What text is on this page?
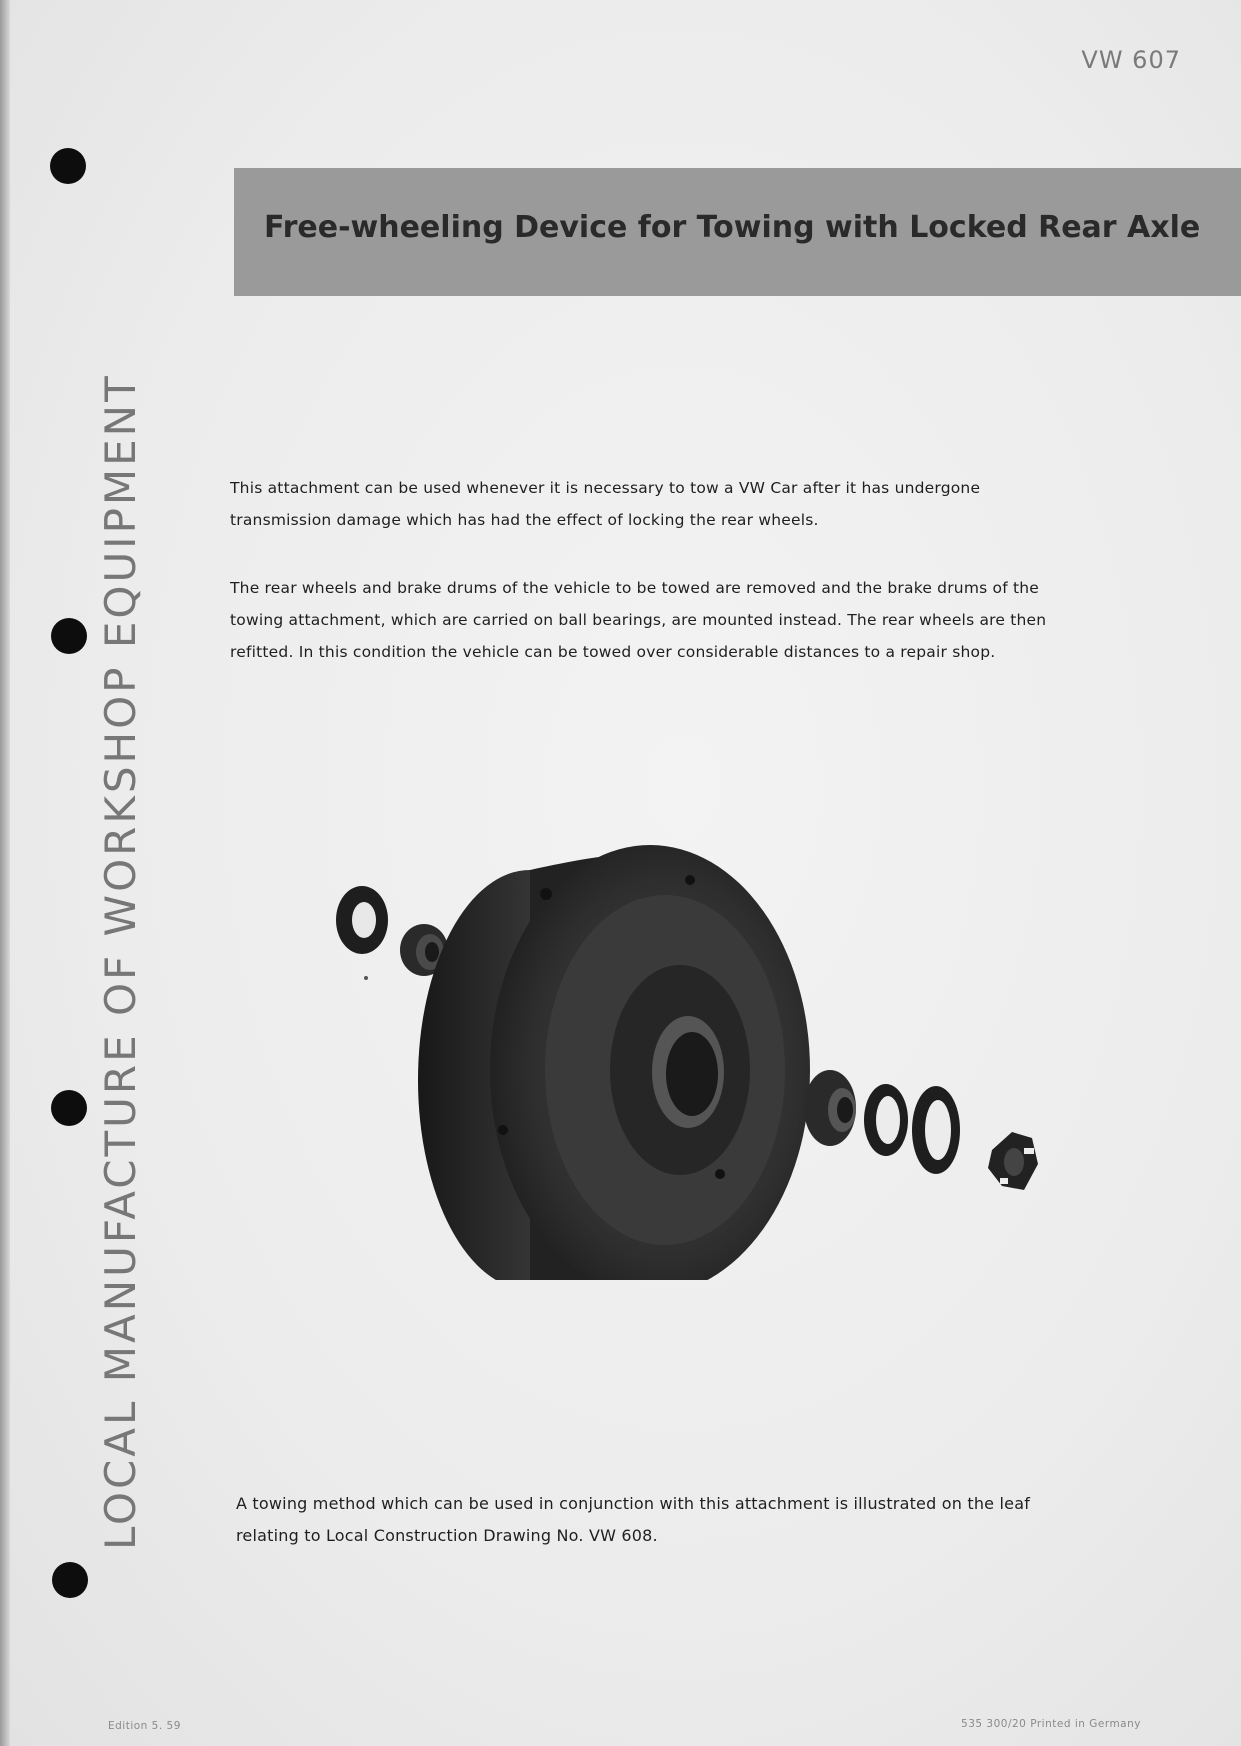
VW 607
LOCAL MANUFACTURE OF WORKSHOP EQUIPMENT
Free-wheeling Device for Towing with Locked Rear Axle
This attachment can be used whenever it is necessary to tow a VW Car after it has undergone transmission damage which has had the effect of locking the rear wheels.
The rear wheels and brake drums of the vehicle to be towed are removed and the brake drums of the towing attachment, which are carried on ball bearings, are mounted instead. The rear wheels are then refitted. In this condition the vehicle can be towed over considerable distances to a repair shop.
A towing method which can be used in conjunction with this attachment is illustrated on the leaf relating to Local Construction Drawing No. VW 608.
Edition 5. 59	535 300/20 Printed in Germany
